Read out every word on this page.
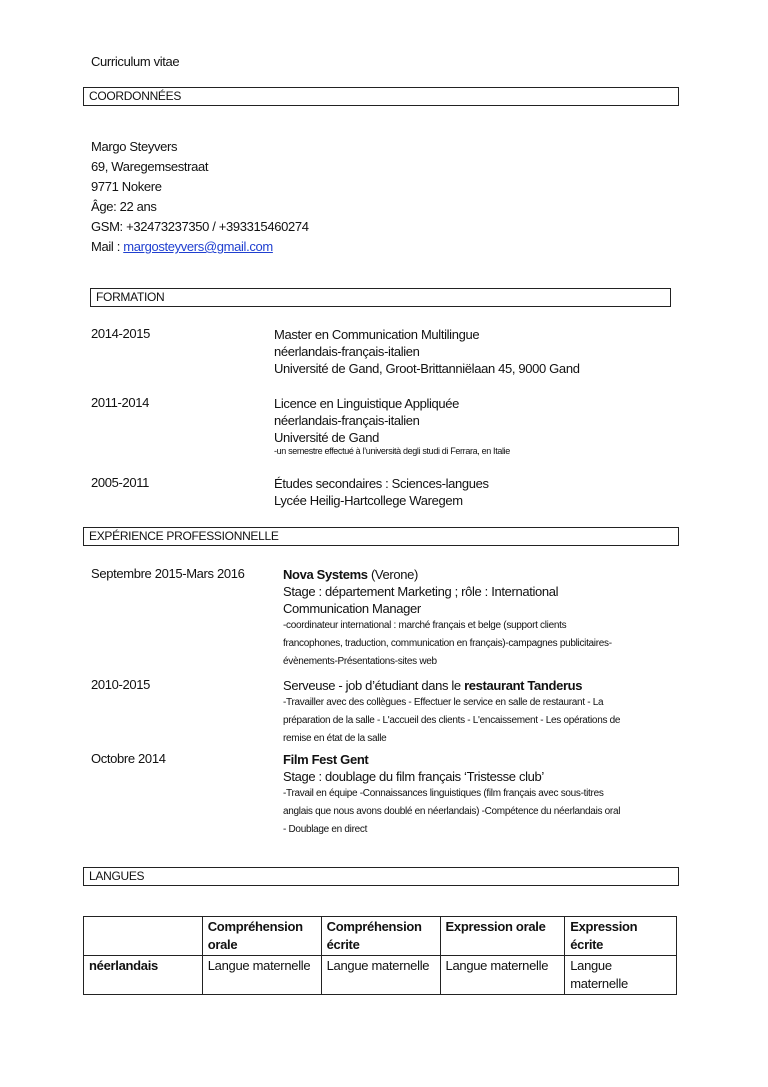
Curriculum vitae
COORDONNÉES
Margo Steyvers
69, Waregemsestraat
9771 Nokere
Âge: 22 ans
GSM: +32473237350 / +393315460274
Mail : margosteyvers@gmail.com
FORMATION
2014-2015	Master en Communication Multilingue
néerlandais-français-italien
Université de Gand, Groot-Brittanniëlaan 45, 9000 Gand
2011-2014	Licence en Linguistique Appliquée
néerlandais-français-italien
Université de Gand
-un semestre effectué à l’università degli studi di Ferrara, en Italie
2005-2011	Études secondaires : Sciences-langues
Lycée Heilig-Hartcollege Waregem
EXPÉRIENCE PROFESSIONNELLE
Septembre 2015-Mars 2016	Nova Systems (Verone)
Stage : département Marketing ; rôle : International
Communication Manager
-coordinateur international : marché français et belge (support clients
francophones, traduction, communication en français)-campagnes publicitaires-
évènements-Présentations-sites web
2010-2015	Serveuse - job d’étudiant dans le restaurant Tanderus
-Travailler avec des collègues - Effectuer le service en salle de restaurant - La
préparation de la salle - L'accueil des clients - L'encaissement - Les opérations de
remise en état de la salle
Octobre 2014	Film Fest Gent
Stage : doublage du film français ‘Tristesse club’
-Travail en équipe -Connaissances linguistiques (film français avec sous-titres
anglais que nous avons doublé en néerlandais) -Compétence du néerlandais oral
- Doublage en direct
LANGUES
	Compréhension orale	Compréhension écrite	Expression orale	Expression écrite
néerlandais	Langue maternelle	Langue maternelle	Langue maternelle	Langue maternelle
